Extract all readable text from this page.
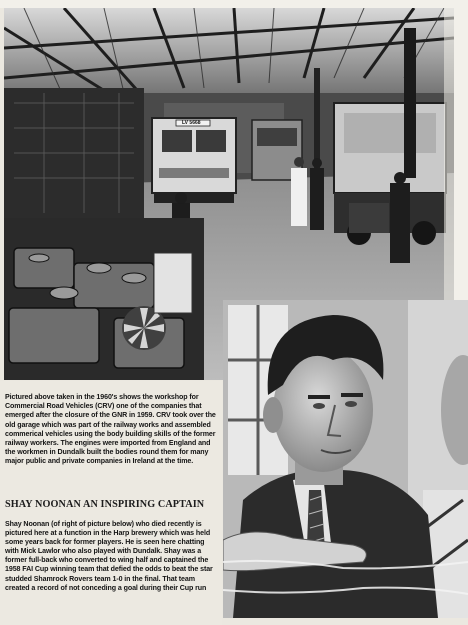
LV 5668

Pictured above taken in the 1960's shows the workshop for Commercial Road Vehicles (CRV) one of the companies that emerged after the closure of the GNR in 1959. CRV took over the old garage which was part of the railway works and assembled commerical vehicles using the body building skills of the former railway workers. The engines were imported from England and the workmen in Dundalk built the bodies round them for many major public and private companies in Ireland at the time.

SHAY NOONAN AN INSPIRING CAPTAIN

Shay Noonan (of right of picture below) who died recently is pictured here at a function in the Harp brewery which was held some years back for former players. He is seen here chatting with Mick Lawlor who also played with Dundalk. Shay was a former full-back who converted to wing half and captained the 1958 FAI Cup winning team that defied the odds to beat the star studded Shamrock Rovers team 1-0 in the final. That team created a record of not conceding a goal during their Cup run
